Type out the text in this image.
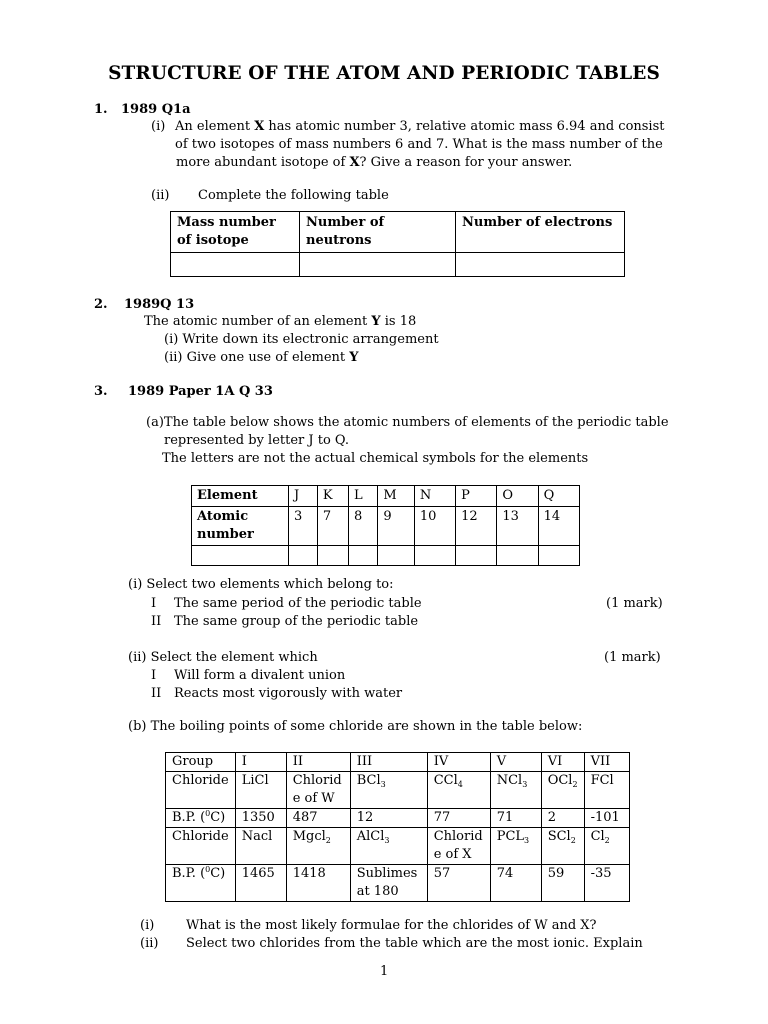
STRUCTURE OF THE ATOM AND PERIODIC TABLES
1. 1989 Q1a
(i) An element X has atomic number 3, relative atomic mass 6.94 and consist
of two isotopes of mass numbers 6 and 7. What is the mass number of the
more abundant isotope of X? Give a reason for your answer.
(ii) Complete the following table
Mass number of isotope	Number of neutrons	Number of electrons

2. 1989Q 13
The atomic number of an element Y is 18
(i) Write down its electronic arrangement
(ii) Give one use of element Y
3. 1989 Paper 1A Q 33
(a)The table below shows the atomic numbers of elements of the periodic table
represented by letter J to Q.
The letters are not the actual chemical symbols for the elements
Element	J	K	L	M	N	P	O	Q
Atomic
number	3	7	8	9	10	12	13	14

(i) Select two elements which belong to:
I The same period of the periodic table	(1 mark)
II The same group of the periodic table
(ii) Select the element which	(1 mark)
I Will form a divalent union
II Reacts most vigorously with water
(b) The boiling points of some chloride are shown in the table below:
Group	I	II	III	IV	V	VI	VII
Chloride	LiCl	Chlorid
e of W	BCl$_3$	CCl$_4$	NCl$_3$	OCl$_2$	FCl
B.P. ($^0$C)	1350	487	12	77	71	2	-101
Chloride	Nacl	Mgcl$_2$	AlCl$_3$	Chlorid
e of X	$PCL_3$	SCl$_2$	$Cl_2$
B.P. ($^0$C)	1465	1418	Sublimes
at 180	57	74	59	-35
(i) What is the most likely formulae for the chlorides of W and X?
(ii) Select two chlorides from the table which are the most ionic. Explain
1
